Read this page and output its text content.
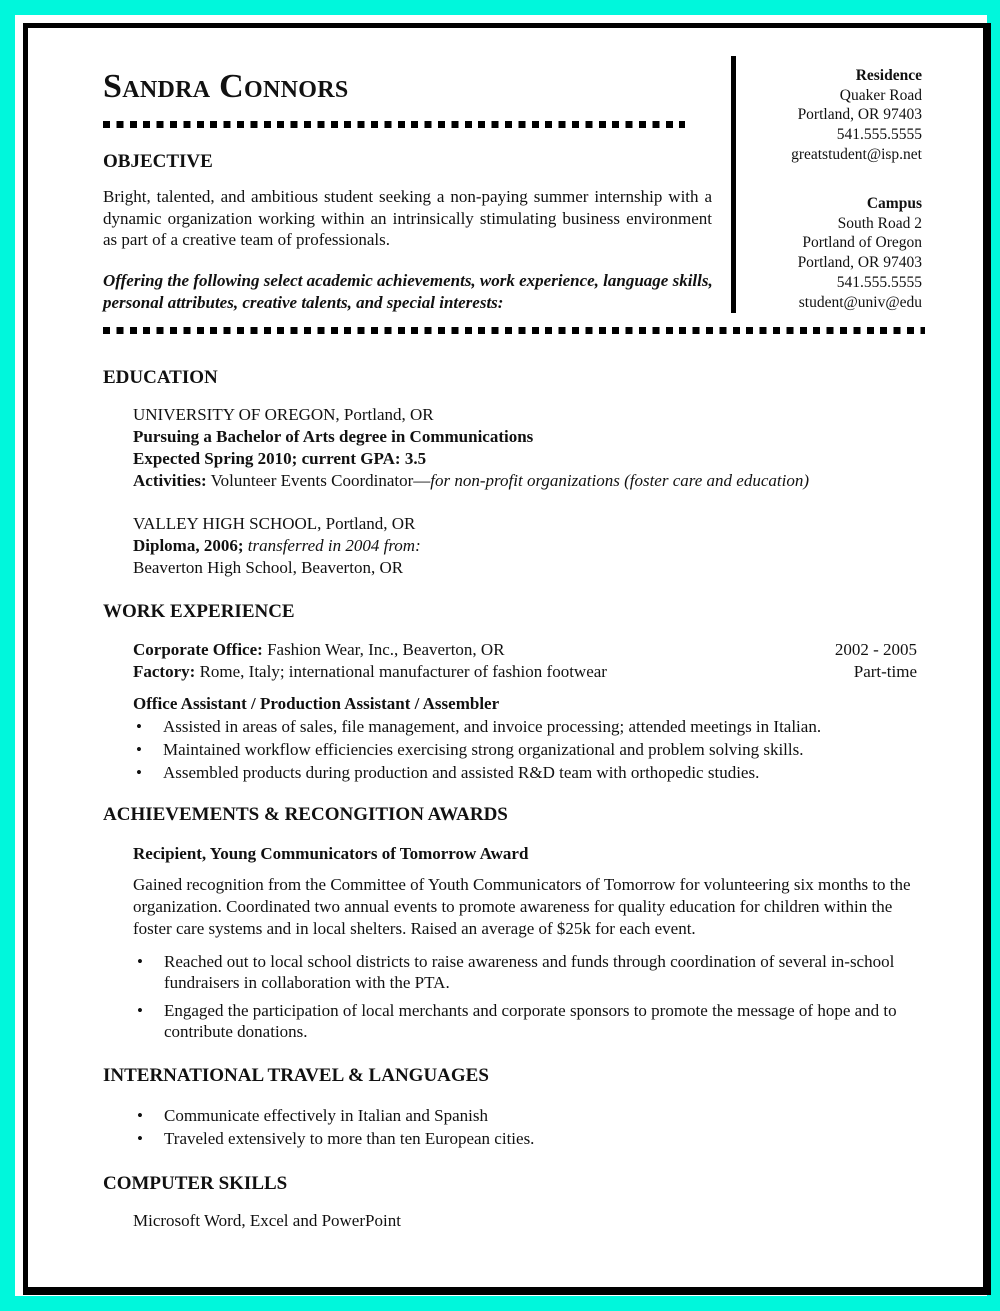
Sandra Connors
OBJECTIVE
Bright, talented, and ambitious student seeking a non-paying summer internship with a dynamic organization working within an intrinsically stimulating business environment as part of a creative team of professionals.
Offering the following select academic achievements, work experience, language skills, personal attributes, creative talents, and special interests:
Residence
Quaker Road
Portland, OR 97403
541.555.5555
greatstudent@isp.net
Campus
South Road 2
Portland of Oregon
Portland, OR 97403
541.555.5555
student@univ@edu
EDUCATION
UNIVERSITY OF OREGON, Portland, OR
Pursuing a Bachelor of Arts degree in Communications
Expected Spring 2010; current GPA: 3.5
Activities: Volunteer Events Coordinator—for non-profit organizations (foster care and education)
VALLEY HIGH SCHOOL, Portland, OR
Diploma, 2006; transferred in 2004 from:
Beaverton High School, Beaverton, OR
WORK EXPERIENCE
Corporate Office: Fashion Wear, Inc., Beaverton, OR	2002 - 2005
Factory: Rome, Italy; international manufacturer of fashion footwear	Part-time
Office Assistant / Production Assistant / Assembler
• Assisted in areas of sales, file management, and invoice processing; attended meetings in Italian.
• Maintained workflow efficiencies exercising strong organizational and problem solving skills.
• Assembled products during production and assisted R&D team with orthopedic studies.
ACHIEVEMENTS & RECONGITION AWARDS
Recipient, Young Communicators of Tomorrow Award
Gained recognition from the Committee of Youth Communicators of Tomorrow for volunteering six months to the organization. Coordinated two annual events to promote awareness for quality education for children within the foster care systems and in local shelters. Raised an average of $25k for each event.
• Reached out to local school districts to raise awareness and funds through coordination of several in-school fundraisers in collaboration with the PTA.
• Engaged the participation of local merchants and corporate sponsors to promote the message of hope and to contribute donations.
INTERNATIONAL TRAVEL & LANGUAGES
• Communicate effectively in Italian and Spanish
• Traveled extensively to more than ten European cities.
COMPUTER SKILLS
Microsoft Word, Excel and PowerPoint
